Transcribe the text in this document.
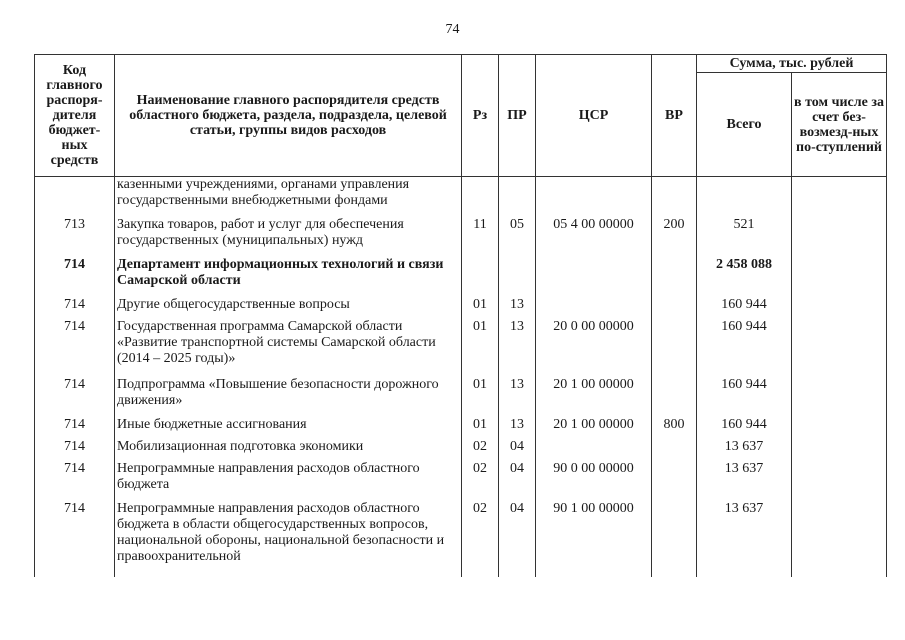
74
Код главного распоря-дителя бюджет-ных средств	Наименование главного распорядителя средств областного бюджета, раздела, подраздела, целевой статьи, группы видов расходов	Рз	ПР	ЦСР	ВР	Сумма, тыс. рублей	
						Всего	в том числе за счет без-возмезд-ных по-ступлений
	казенными учреждениями, органами управления государственными внебюджетными фондами						
713	Закупка товаров, работ и услуг для обеспечения государственных (муниципальных) нужд	11	05	05 4 00 00000	200	521	
714	Департамент информационных технологий и связи Самарской области					2 458 088	
714	Другие общегосударственные вопросы	01	13			160 944	
714	Государственная программа Самарской области «Развитие транспортной системы Самарской области (2014 – 2025 годы)»	01	13	20 0 00 00000		160 944	
714	Подпрограмма «Повышение безопасности дорожного движения»	01	13	20 1 00 00000		160 944	
714	Иные бюджетные ассигнования	01	13	20 1 00 00000	800	160 944	
714	Мобилизационная подготовка экономики	02	04			13 637	
714	Непрограммные направления расходов областного бюджета	02	04	90 0 00 00000		13 637	
714	Непрограммные направления расходов областного бюджета в области общегосударственных вопросов, национальной обороны, национальной безопасности и правоохранительной	02	04	90 1 00 00000		13 637	
